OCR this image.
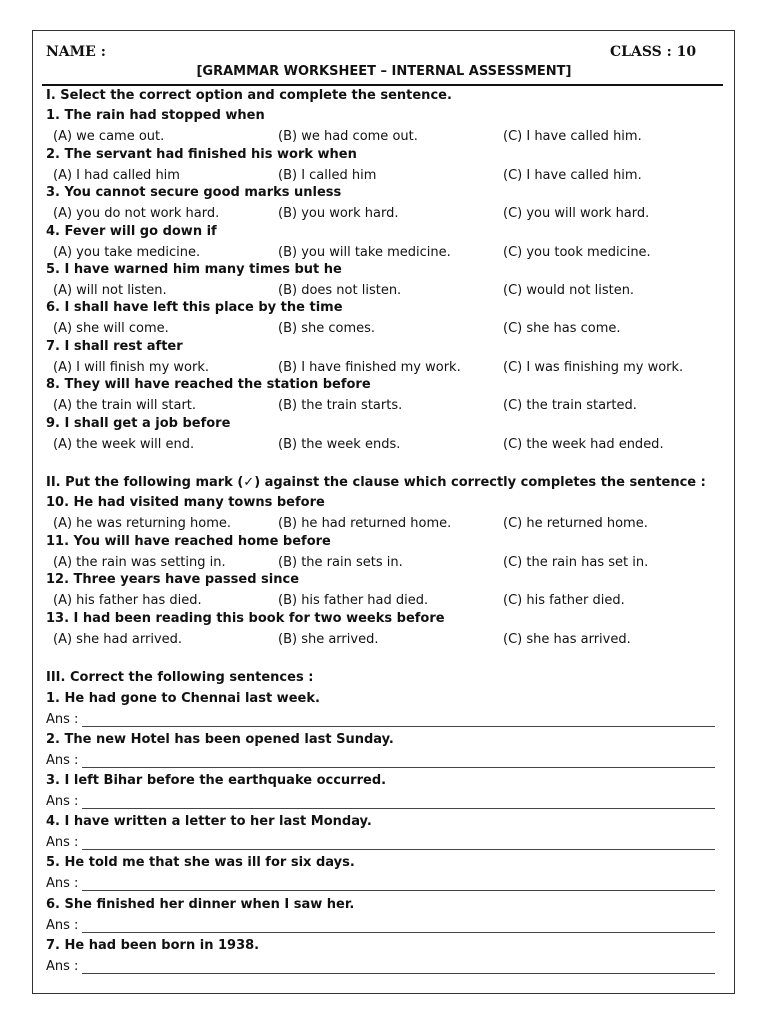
NAME :	CLASS : 10
[GRAMMAR WORKSHEET – INTERNAL ASSESSMENT]
I. Select the correct option and complete the sentence.
1. The rain had stopped when
(A) we came out.	(B) we had come out.	(C) I have called him.
2. The servant had finished his work when
(A) I had called him	(B) I called him	(C) I have called him.
3. You cannot secure good marks unless
(A) you do not work hard.	(B) you work hard.	(C) you will work hard.
4. Fever will go down if
(A) you take medicine.	(B) you will take medicine.	(C) you took medicine.
5. I have warned him many times but he
(A) will not listen.	(B) does not listen.	(C) would not listen.
6. I shall have left this place by the time
(A) she will come.	(B) she comes.	(C) she has come.
7. I shall rest after
(A) I will finish my work.	(B) I have finished my work.	(C) I was finishing my work.
8. They will have reached the station before
(A) the train will start.	(B) the train starts.	(C) the train started.
9. I shall get a job before
(A) the week will end.	(B) the week ends.	(C) the week had ended.
II. Put the following mark (✓) against the clause which correctly completes the sentence :
10. He had visited many towns before
(A) he was returning home.	(B) he had returned home.	(C) he returned home.
11. You will have reached home before
(A) the rain was setting in.	(B) the rain sets in.	(C) the rain has set in.
12. Three years have passed since
(A) his father has died.	(B) his father had died.	(C) his father died.
13. I had been reading this book for two weeks before
(A) she had arrived.	(B) she arrived.	(C) she has arrived.
III. Correct the following sentences :
1. He had gone to Chennai last week.
Ans :
2. The new Hotel has been opened last Sunday.
Ans :
3. I left Bihar before the earthquake occurred.
Ans :
4. I have written a letter to her last Monday.
Ans :
5. He told me that she was ill for six days.
Ans :
6. She finished her dinner when I saw her.
Ans :
7. He had been born in 1938.
Ans :
